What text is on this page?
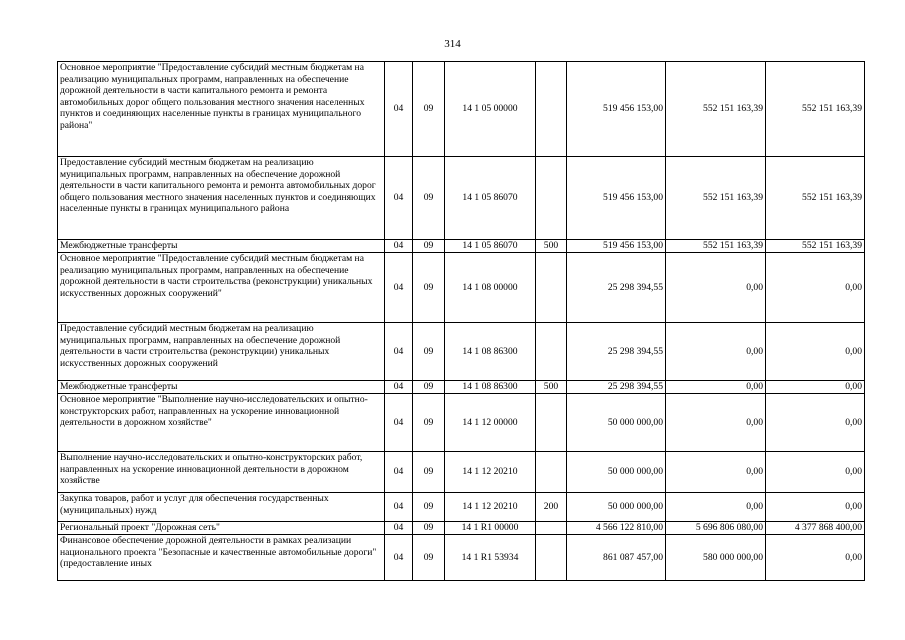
314
Основное мероприятие "Предоставление субсидий местным бюджетам на реализацию муниципальных программ, направленных на обеспечение дорожной деятельности в части капитального ремонта и ремонта автомобильных дорог общего пользования местного значения населенных пунктов и соединяющих населенные пункты в границах муниципального района"	04	09	14 1 05 00000		519 456 153,00	552 151 163,39	552 151 163,39
Предоставление субсидий местным бюджетам на реализацию муниципальных программ, направленных на обеспечение дорожной деятельности в части капитального ремонта и ремонта автомобильных дорог общего пользования местного значения населенных пунктов и соединяющих населенные пункты в границах муниципального района	04	09	14 1 05 86070		519 456 153,00	552 151 163,39	552 151 163,39
Межбюджетные трансферты	04	09	14 1 05 86070	500	519 456 153,00	552 151 163,39	552 151 163,39
Основное мероприятие "Предоставление субсидий местным бюджетам на реализацию муниципальных программ, направленных на обеспечение дорожной деятельности в части строительства (реконструкции) уникальных искусственных дорожных сооружений"	04	09	14 1 08 00000		25 298 394,55	0,00	0,00
Предоставление субсидий местным бюджетам на реализацию муниципальных программ, направленных на обеспечение дорожной деятельности в части строительства (реконструкции) уникальных искусственных дорожных сооружений	04	09	14 1 08 86300		25 298 394,55	0,00	0,00
Межбюджетные трансферты	04	09	14 1 08 86300	500	25 298 394,55	0,00	0,00
Основное мероприятие "Выполнение научно-исследовательских и опытно-конструкторских работ, направленных на ускорение инновационной деятельности в дорожном хозяйстве"	04	09	14 1 12 00000		50 000 000,00	0,00	0,00
Выполнение научно-исследовательских и опытно-конструкторских работ, направленных на ускорение инновационной деятельности в дорожном хозяйстве	04	09	14 1 12 20210		50 000 000,00	0,00	0,00
Закупка товаров, работ и услуг для обеспечения государственных (муниципальных) нужд	04	09	14 1 12 20210	200	50 000 000,00	0,00	0,00
Региональный проект "Дорожная сеть"	04	09	14 1 R1 00000		4 566 122 810,00	5 696 806 080,00	4 377 868 400,00
Финансовое обеспечение дорожной деятельности в рамках реализации национального проекта "Безопасные и качественные автомобильные дороги" (предоставление иных	04	09	14 1 R1 53934		861 087 457,00	580 000 000,00	0,00
